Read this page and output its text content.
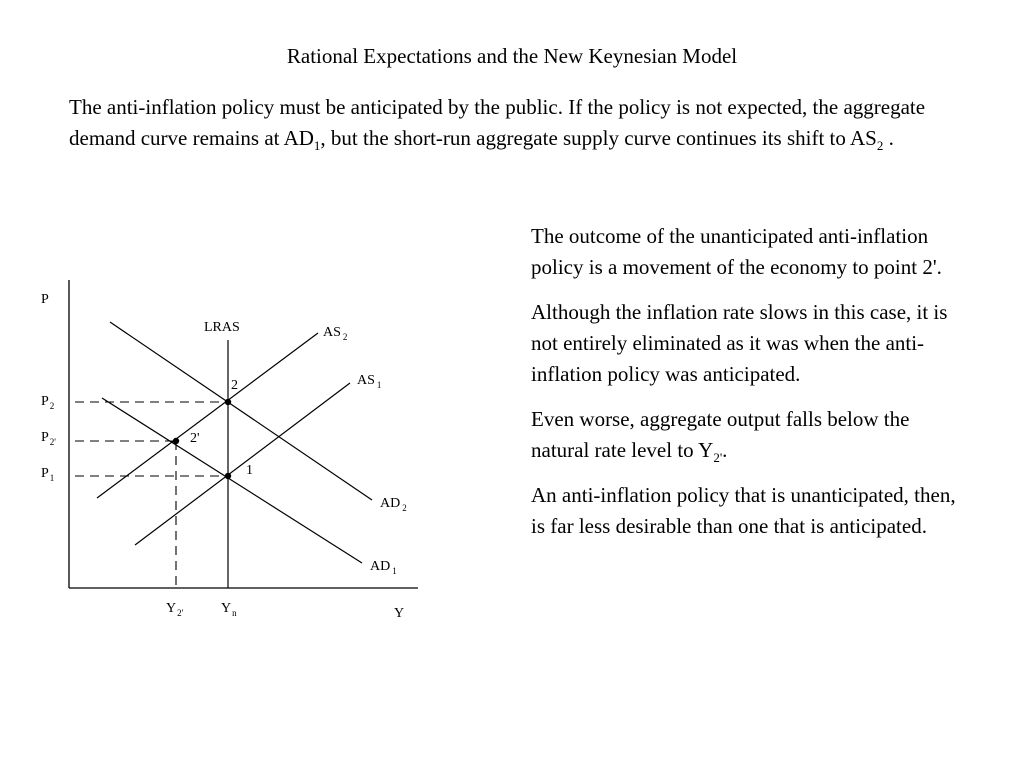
Rational Expectations and the New Keynesian Model
The anti-inflation policy must be anticipated by the public. If the policy is not expected, the aggregate demand curve remains at $AD_1$, but the short-run aggregate supply curve continues its shift to $AS_2$ .

The outcome of the unanticipated anti-inflation policy is a movement of the economy to point 2'.

Although the inflation rate slows in this case, it is not entirely eliminated as it was when the anti-inflation policy was anticipated.

Even worse, aggregate output falls below the natural rate level to $Y_{2'}$.

An anti-inflation policy that is unanticipated, then, is far less desirable than one that is anticipated.

P
Y
LRAS	AS $_2$
AS $_1$
AD $_2$
AD $_1$
$P_2$
$P_{2'}$
$P_1$
$Y_{2'}$	$Y_n$
2
2'
1
